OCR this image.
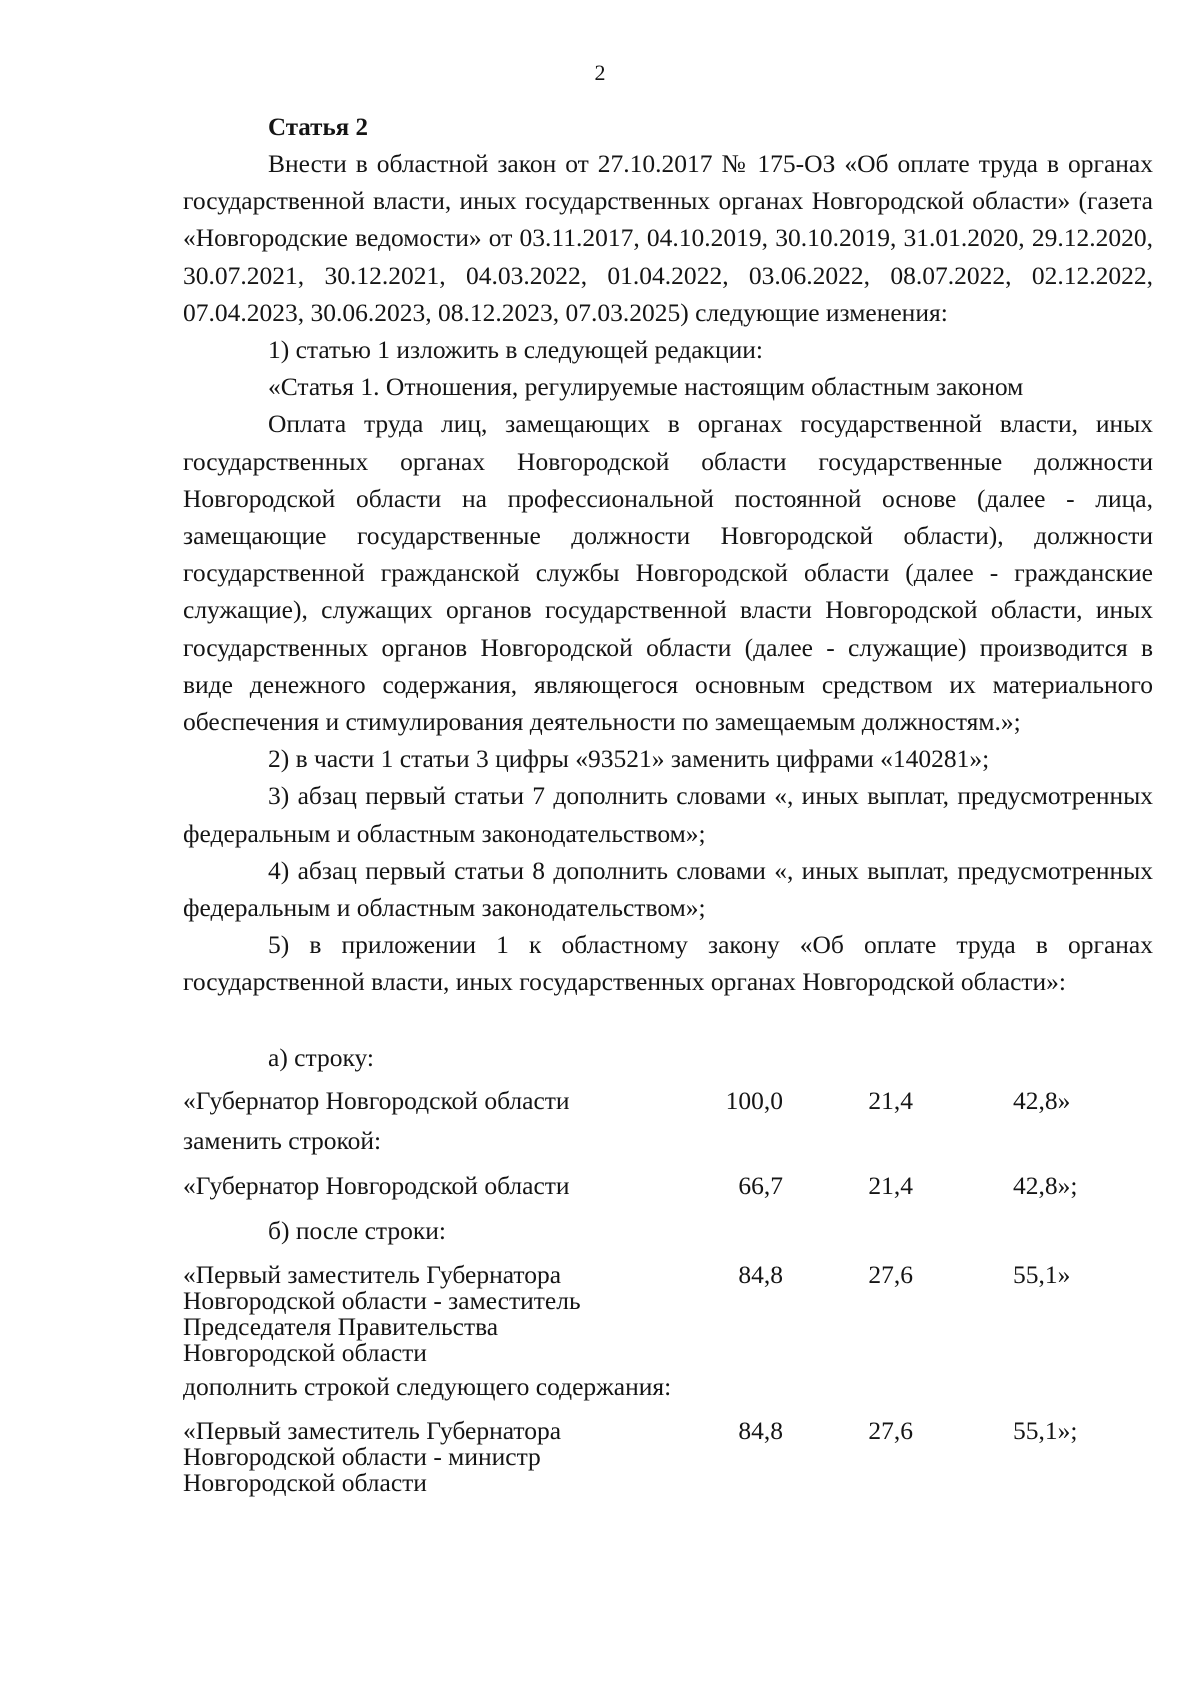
2
Статья 2

Внести в областной закон от 27.10.2017 № 175-ОЗ «Об оплате труда в органах государственной власти, иных государственных органах Новгородской области» (газета «Новгородские ведомости» от 03.11.2017, 04.10.2019, 30.10.2019, 31.01.2020, 29.12.2020, 30.07.2021, 30.12.2021, 04.03.2022, 01.04.2022, 03.06.2022, 08.07.2022, 02.12.2022, 07.04.2023, 30.06.2023, 08.12.2023, 07.03.2025) следующие изменения:

1) статью 1 изложить в следующей редакции:

«Статья 1. Отношения, регулируемые настоящим областным законом

Оплата труда лиц, замещающих в органах государственной власти, иных государственных органах Новгородской области государственные должности Новгородской области на профессиональной постоянной основе (далее - лица, замещающие государственные должности Новгородской области), должности государственной гражданской службы Новгородской области (далее - гражданские служащие), служащих органов государственной власти Новгородской области, иных государственных органов Новгородской области (далее - служащие) производится в виде денежного содержания, являющегося основным средством их материального обеспечения и стимулирования деятельности по замещаемым должностям.»;

2) в части 1 статьи 3 цифры «93521» заменить цифрами «140281»;

3) абзац первый статьи 7 дополнить словами «, иных выплат, предусмотренных федеральным и областным законодательством»;

4) абзац первый статьи 8 дополнить словами «, иных выплат, предусмотренных федеральным и областным законодательством»;

5) в приложении 1 к областному закону «Об оплате труда в органах государственной власти, иных государственных органах Новгородской области»:

а) строку:
«Губернатор Новгородской области	100,0	21,4	42,8»
заменить строкой:
«Губернатор Новгородской области	66,7	21,4	42,8»;
б) после строки:
«Первый заместитель Губернатора
Новгородской области - заместитель
Председателя Правительства
Новгородской области
84,8	27,6	55,1»
дополнить строкой следующего содержания:
«Первый заместитель Губернатора
Новгородской области - министр
Новгородской области
84,8	27,6	55,1»;
